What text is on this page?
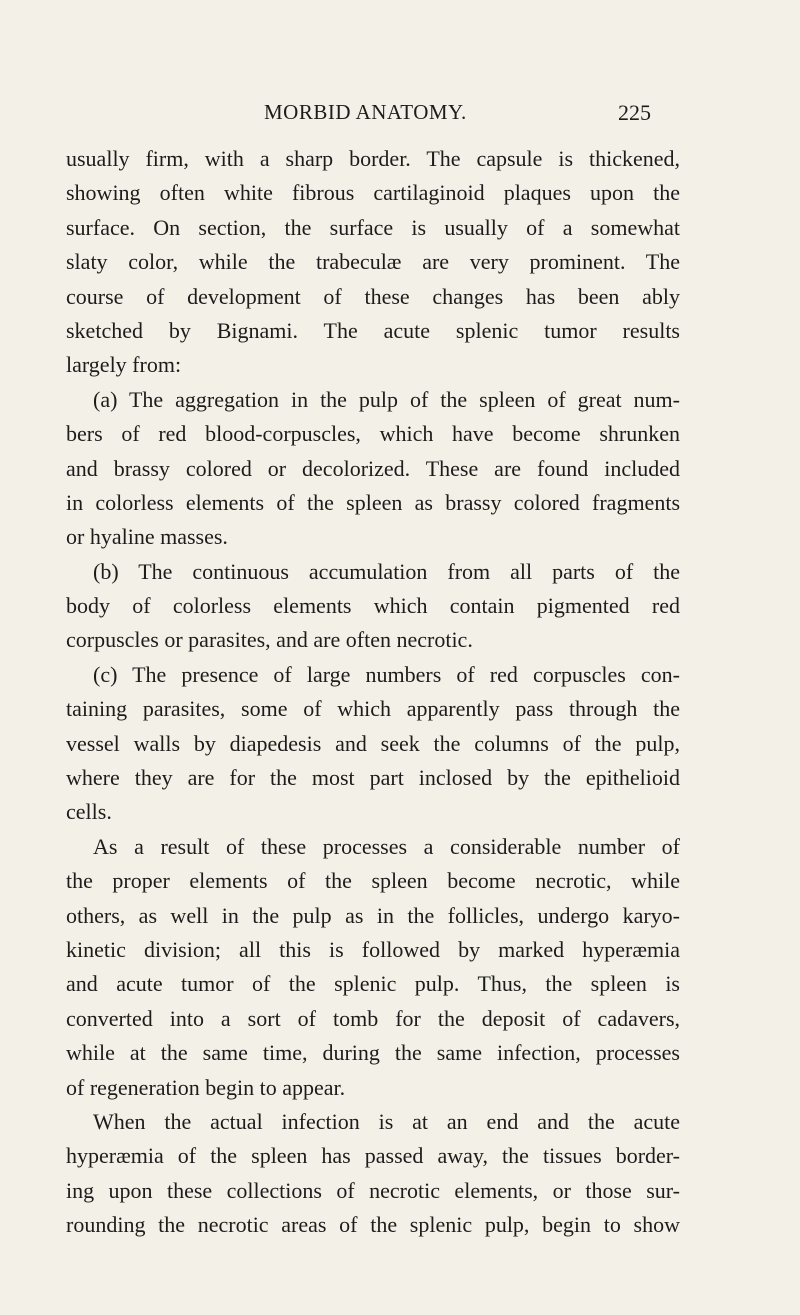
MORBID ANATOMY.	225
usually firm, with a sharp border. The capsule is thickened,
showing often white fibrous cartilaginoid plaques upon the
surface. On section, the surface is usually of a somewhat
slaty color, while the trabeculæ are very prominent. The
course of development of these changes has been ably
sketched by Bignami. The acute splenic tumor results
largely from:
(a) The aggregation in the pulp of the spleen of great num-
bers of red blood-corpuscles, which have become shrunken
and brassy colored or decolorized. These are found included
in colorless elements of the spleen as brassy colored fragments
or hyaline masses.
(b) The continuous accumulation from all parts of the
body of colorless elements which contain pigmented red
corpuscles or parasites, and are often necrotic.
(c) The presence of large numbers of red corpuscles con-
taining parasites, some of which apparently pass through the
vessel walls by diapedesis and seek the columns of the pulp,
where they are for the most part inclosed by the epithelioid
cells.
As a result of these processes a considerable number of
the proper elements of the spleen become necrotic, while
others, as well in the pulp as in the follicles, undergo karyo-
kinetic division; all this is followed by marked hyperæmia
and acute tumor of the splenic pulp. Thus, the spleen is
converted into a sort of tomb for the deposit of cadavers,
while at the same time, during the same infection, processes
of regeneration begin to appear.
When the actual infection is at an end and the acute
hyperæmia of the spleen has passed away, the tissues border-
ing upon these collections of necrotic elements, or those sur-
rounding the necrotic areas of the splenic pulp, begin to show
